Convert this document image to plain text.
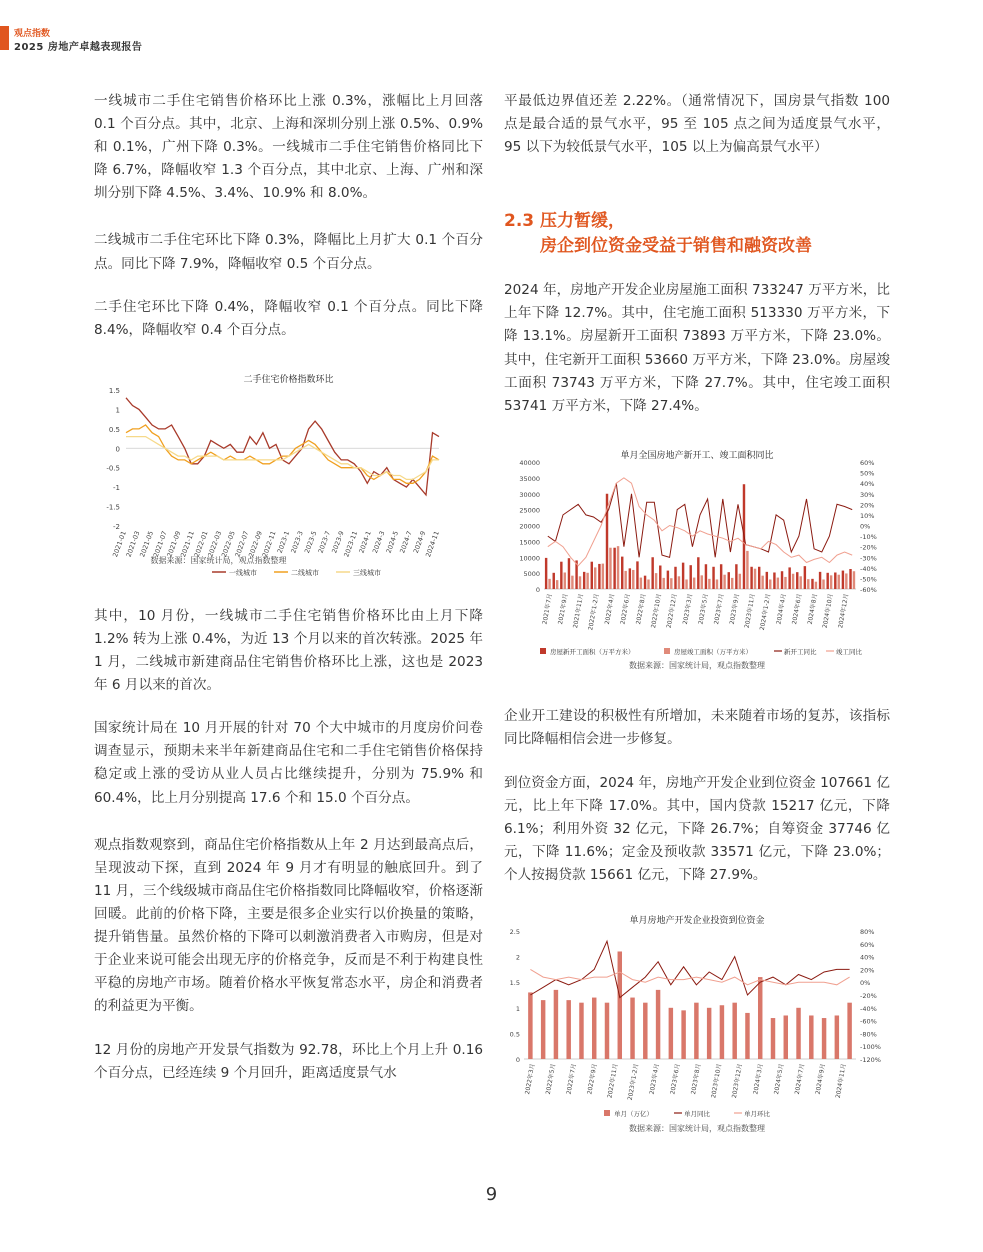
观点指数
2025 房地产卓越表现报告

一线城市二手住宅销售价格环比上涨 0.3%，涨幅比上月回落 0.1 个百分点。其中，北京、上海和深圳分别上涨 0.5%、0.9% 和 0.1%，广州下降 0.3%。一线城市二手住宅销售价格同比下降 6.7%，降幅收窄 1.3 个百分点，其中北京、上海、广州和深圳分别下降 4.5%、3.4%、10.9% 和 8.0%。

二线城市二手住宅环比下降 0.3%，降幅比上月扩大 0.1 个百分点。同比下降 7.9%，降幅收窄 0.5 个百分点。

二手住宅环比下降 0.4%，降幅收窄 0.1 个百分点。同比下降 8.4%，降幅收窄 0.4 个百分点。

二手住宅价格指数环比
1.5
1
0.5
0
-0.5
-1
-1.5
-2
2021-01
2021-03
2021-05
2021-07
2021-09
2021-11
2022-01
2022-03
2022-05
2022-07
2022-09
2022-11
2023-1
2023-3
2023-5
2023-7
2023-9
2023-11
2024-1
2024-3
2024-5
2024-7
2024-9
2024-11
一线城市	二线城市	三线城市
数据来源：国家统计局，观点指数整理

其中，10 月份，一线城市二手住宅销售价格环比由上月下降 1.2% 转为上涨 0.4%，为近 13 个月以来的首次转涨。2025 年 1 月，二线城市新建商品住宅销售价格环比上涨，这也是 2023 年 6 月以来的首次。

国家统计局在 10 月开展的针对 70 个大中城市的月度房价问卷调查显示，预期未来半年新建商品住宅和二手住宅销售价格保持稳定或上涨的受访从业人员占比继续提升，分别为 75.9% 和 60.4%，比上月分别提高 17.6 个和 15.0 个百分点。

观点指数观察到，商品住宅价格指数从上年 2 月达到最高点后，呈现波动下探，直到 2024 年 9 月才有明显的触底回升。到了 11 月，三个线级城市商品住宅价格指数同比降幅收窄，价格逐渐回暖。此前的价格下降，主要是很多企业实行以价换量的策略，提升销售量。虽然价格的下降可以刺激消费者入市购房，但是对于企业来说可能会出现无序的价格竞争，反而是不利于构建良性平稳的房地产市场。随着价格水平恢复常态水平，房企和消费者的利益更为平衡。

12 月份的房地产开发景气指数为 92.78，环比上个月上升 0.16 个百分点，已经连续 9 个月回升，距离适度景气水

平最低边界值还差 2.22%。（通常情况下，国房景气指数 100 点是最合适的景气水平，95 至 105 点之间为适度景气水平，95 以下为较低景气水平，105 以上为偏高景气水平）

2.3 压力暂缓，
房企到位资金受益于销售和融资改善

2024 年，房地产开发企业房屋施工面积 733247 万平方米，比上年下降 12.7%。其中，住宅施工面积 513330 万平方米，下降 13.1%。房屋新开工面积 73893 万平方米，下降 23.0%。其中，住宅新开工面积 53660 万平方米，下降 23.0%。房屋竣工面积 73743 万平方米，下降 27.7%。其中，住宅竣工面积 53741 万平方米，下降 27.4%。

单月全国房地产新开工、竣工面积同比
40000
35000
30000
25000
20000
15000
10000
5000
0
60%
50%
40%
30%
20%
10%
0%
-10%
-20%
-30%
-40%
-50%
-60%
2021年7月 2021年9月 2021年11月 2022年1-2月 2022年4月 2022年6月 2022年8月 2022年10月 2022年12月 2023年3月 2023年5月 2023年7月 2023年9月 2023年11月 2024年1-2月 2024年4月 2024年6月 2024年8月 2024年10月 2024年12月
房屋新开工面积（万平方米）	房屋竣工面积（万平方米）	新开工同比	竣工同比
数据来源：国家统计局，观点指数整理

企业开工建设的积极性有所增加，未来随着市场的复苏，该指标同比降幅相信会进一步修复。

到位资金方面，2024 年，房地产开发企业到位资金 107661 亿元，比上年下降 17.0%。其中，国内贷款 15217 亿元，下降 6.1%；利用外资 32 亿元，下降 26.7%；自筹资金 37746 亿元，下降 11.6%；定金及预收款 33571 亿元，下降 23.0%；个人按揭贷款 15661 亿元，下降 27.9%。

单月房地产开发企业投资到位资金
2.5
2
1.5
1
0.5
0
80%
60%
40%
20%
0%
-20%
-40%
-60%
-80%
-100%
-120%
2022年3月 2022年5月 2022年7月 2022年9月 2022年11月 2023年1-2月 2023年4月 2023年6月 2023年8月 2023年10月 2023年12月 2024年3月 2024年5月 2024年7月 2024年9月 2024年11月
单月（万亿）	单月同比	单月环比
数据来源：国家统计局，观点指数整理
9
